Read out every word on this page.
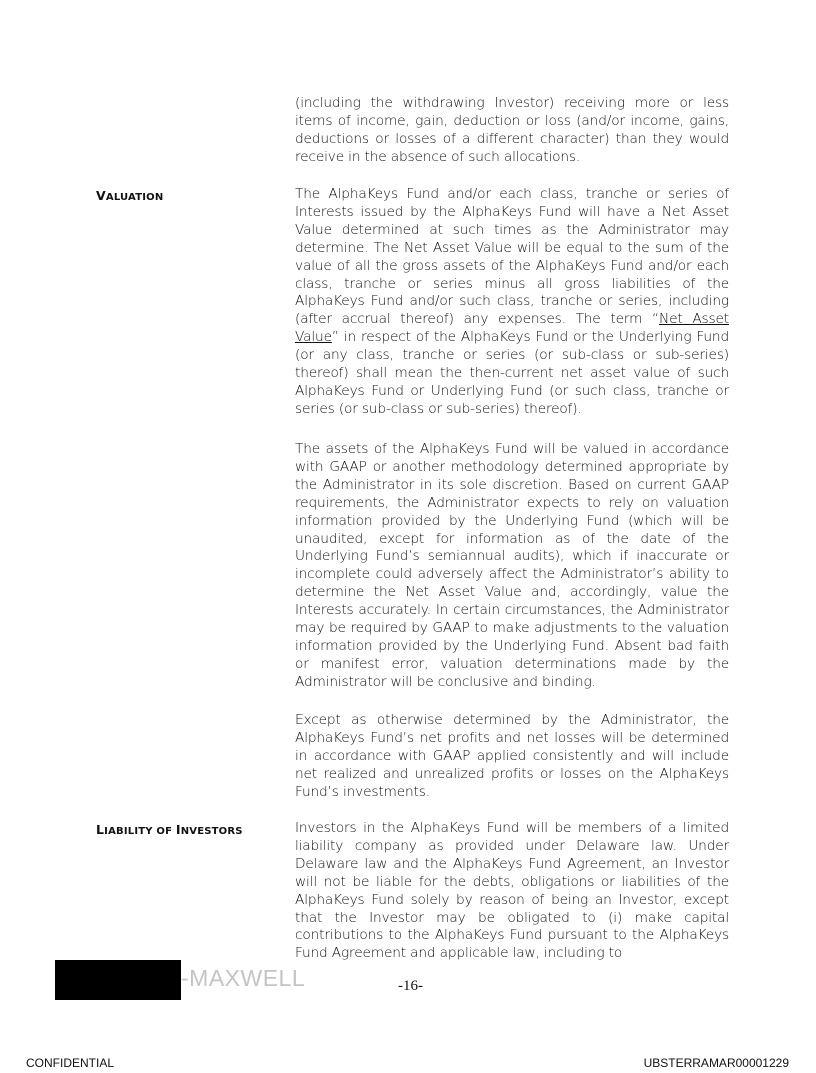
(including the withdrawing Investor) receiving more or less items of income, gain, deduction or loss (and/or income, gains, deductions or losses of a different character) than they would receive in the absence of such allocations.

VALUATION	The AlphaKeys Fund and/or each class, tranche or series of Interests issued by the AlphaKeys Fund will have a Net Asset Value determined at such times as the Administrator may determine. The Net Asset Value will be equal to the sum of the value of all the gross assets of the AlphaKeys Fund and/or each class, tranche or series minus all gross liabilities of the AlphaKeys Fund and/or such class, tranche or series, including (after accrual thereof) any expenses. The term “Net Asset Value” in respect of the AlphaKeys Fund or the Underlying Fund (or any class, tranche or series (or sub-class or sub-series) thereof) shall mean the then-current net asset value of such AlphaKeys Fund or Underlying Fund (or such class, tranche or series (or sub-class or sub-series) thereof).

The assets of the AlphaKeys Fund will be valued in accordance with GAAP or another methodology determined appropriate by the Administrator in its sole discretion. Based on current GAAP requirements, the Administrator expects to rely on valuation information provided by the Underlying Fund (which will be unaudited, except for information as of the date of the Underlying Fund’s semiannual audits), which if inaccurate or incomplete could adversely affect the Administrator’s ability to determine the Net Asset Value and, accordingly, value the Interests accurately. In certain circumstances, the Administrator may be required by GAAP to make adjustments to the valuation information provided by the Underlying Fund. Absent bad faith or manifest error, valuation determinations made by the Administrator will be conclusive and binding.

Except as otherwise determined by the Administrator, the AlphaKeys Fund’s net profits and net losses will be determined in accordance with GAAP applied consistently and will include net realized and unrealized profits or losses on the AlphaKeys Fund’s investments.

LIABILITY OF INVESTORS	Investors in the AlphaKeys Fund will be members of a limited liability company as provided under Delaware law. Under Delaware law and the AlphaKeys Fund Agreement, an Investor will not be liable for the debts, obligations or liabilities of the AlphaKeys Fund solely by reason of being an Investor, except that the Investor may be obligated to (i) make capital contributions to the AlphaKeys Fund pursuant to the AlphaKeys Fund Agreement and applicable law, including to

-MAXWELL	-16-
CONFIDENTIAL	UBSTERRAMAR00001229
